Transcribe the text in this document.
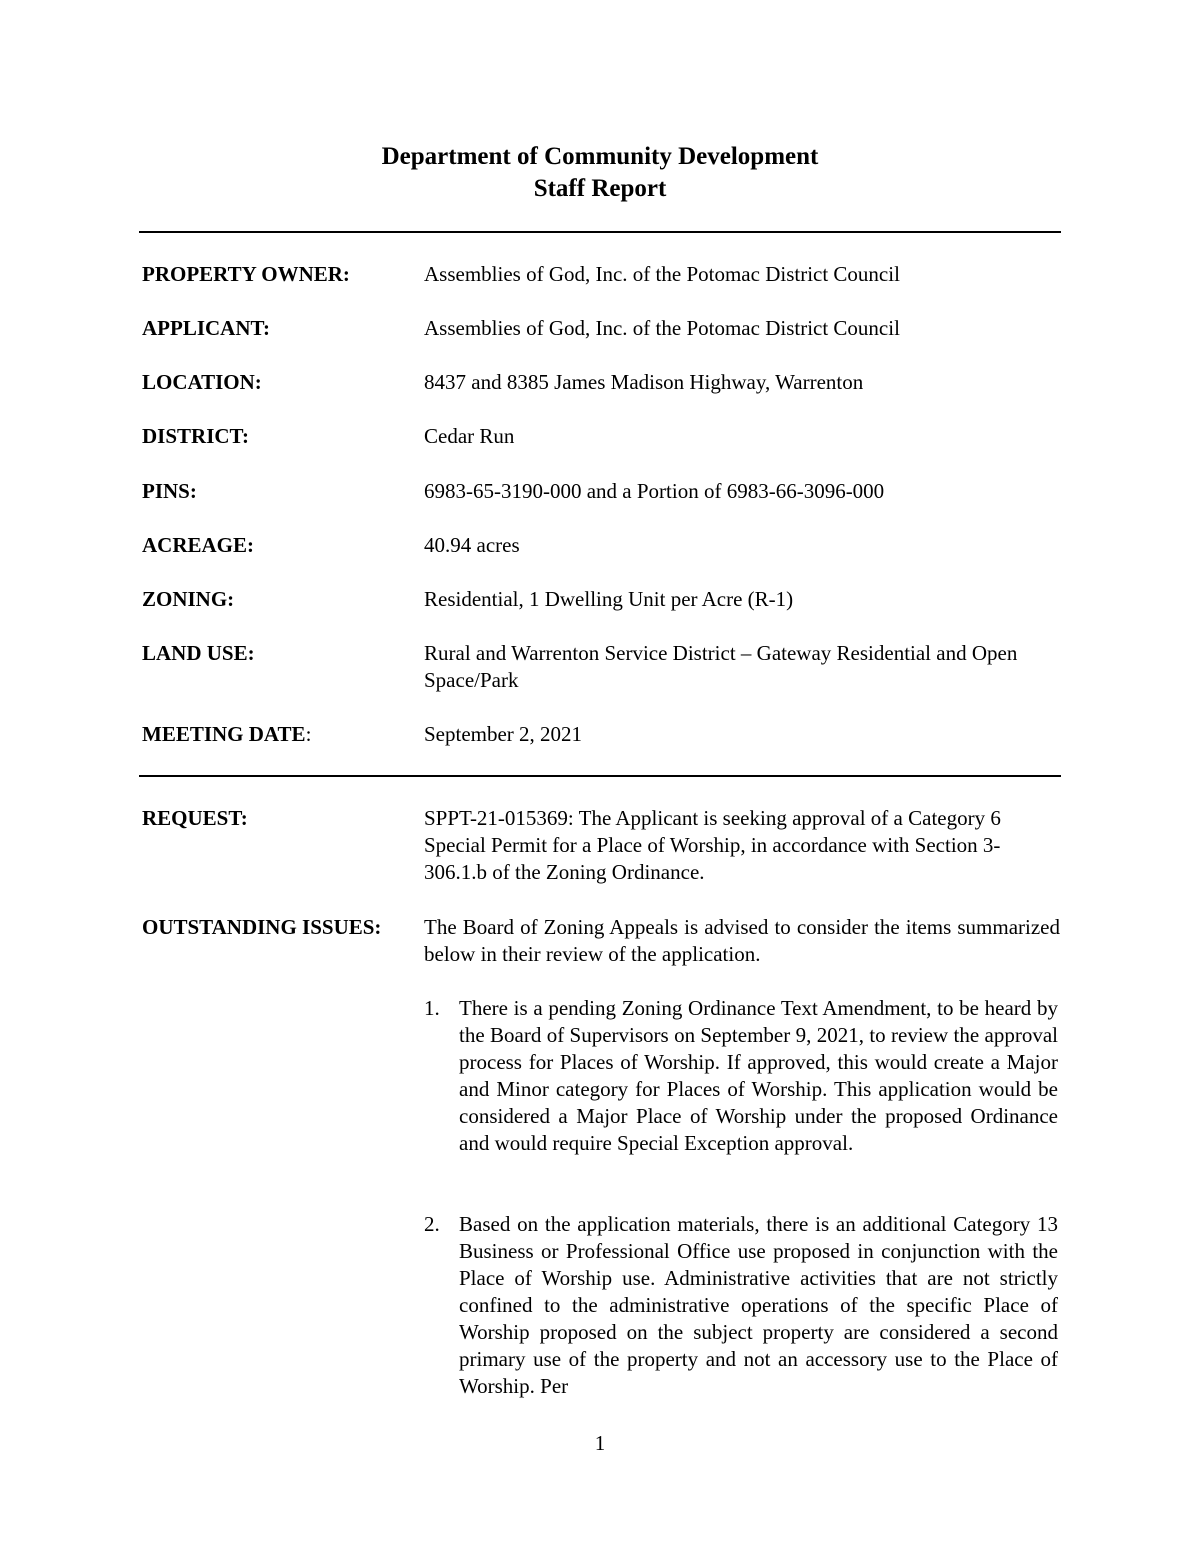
Department of Community Development
Staff Report
PROPERTY OWNER:	Assemblies of God, Inc. of the Potomac District Council
APPLICANT:	Assemblies of God, Inc. of the Potomac District Council
LOCATION:	8437 and 8385 James Madison Highway, Warrenton
DISTRICT:	Cedar Run
PINS:	6983-65-3190-000 and a Portion of 6983-66-3096-000
ACREAGE:	40.94 acres
ZONING:	Residential, 1 Dwelling Unit per Acre (R-1)
LAND USE:	Rural and Warrenton Service District – Gateway Residential and Open Space/Park
MEETING DATE:	September 2, 2021
REQUEST:	SPPT-21-015369: The Applicant is seeking approval of a Category 6 Special Permit for a Place of Worship, in accordance with Section 3-306.1.b of the Zoning Ordinance.
OUTSTANDING ISSUES: The Board of Zoning Appeals is advised to consider the items summarized below in their review of the application.
1. There is a pending Zoning Ordinance Text Amendment, to be heard by the Board of Supervisors on September 9, 2021, to review the approval process for Places of Worship. If approved, this would create a Major and Minor category for Places of Worship. This application would be considered a Major Place of Worship under the proposed Ordinance and would require Special Exception approval.
2. Based on the application materials, there is an additional Category 13 Business or Professional Office use proposed in conjunction with the Place of Worship use. Administrative activities that are not strictly confined to the administrative operations of the specific Place of Worship proposed on the subject property are considered a second primary use of the property and not an accessory use to the Place of Worship. Per
1
